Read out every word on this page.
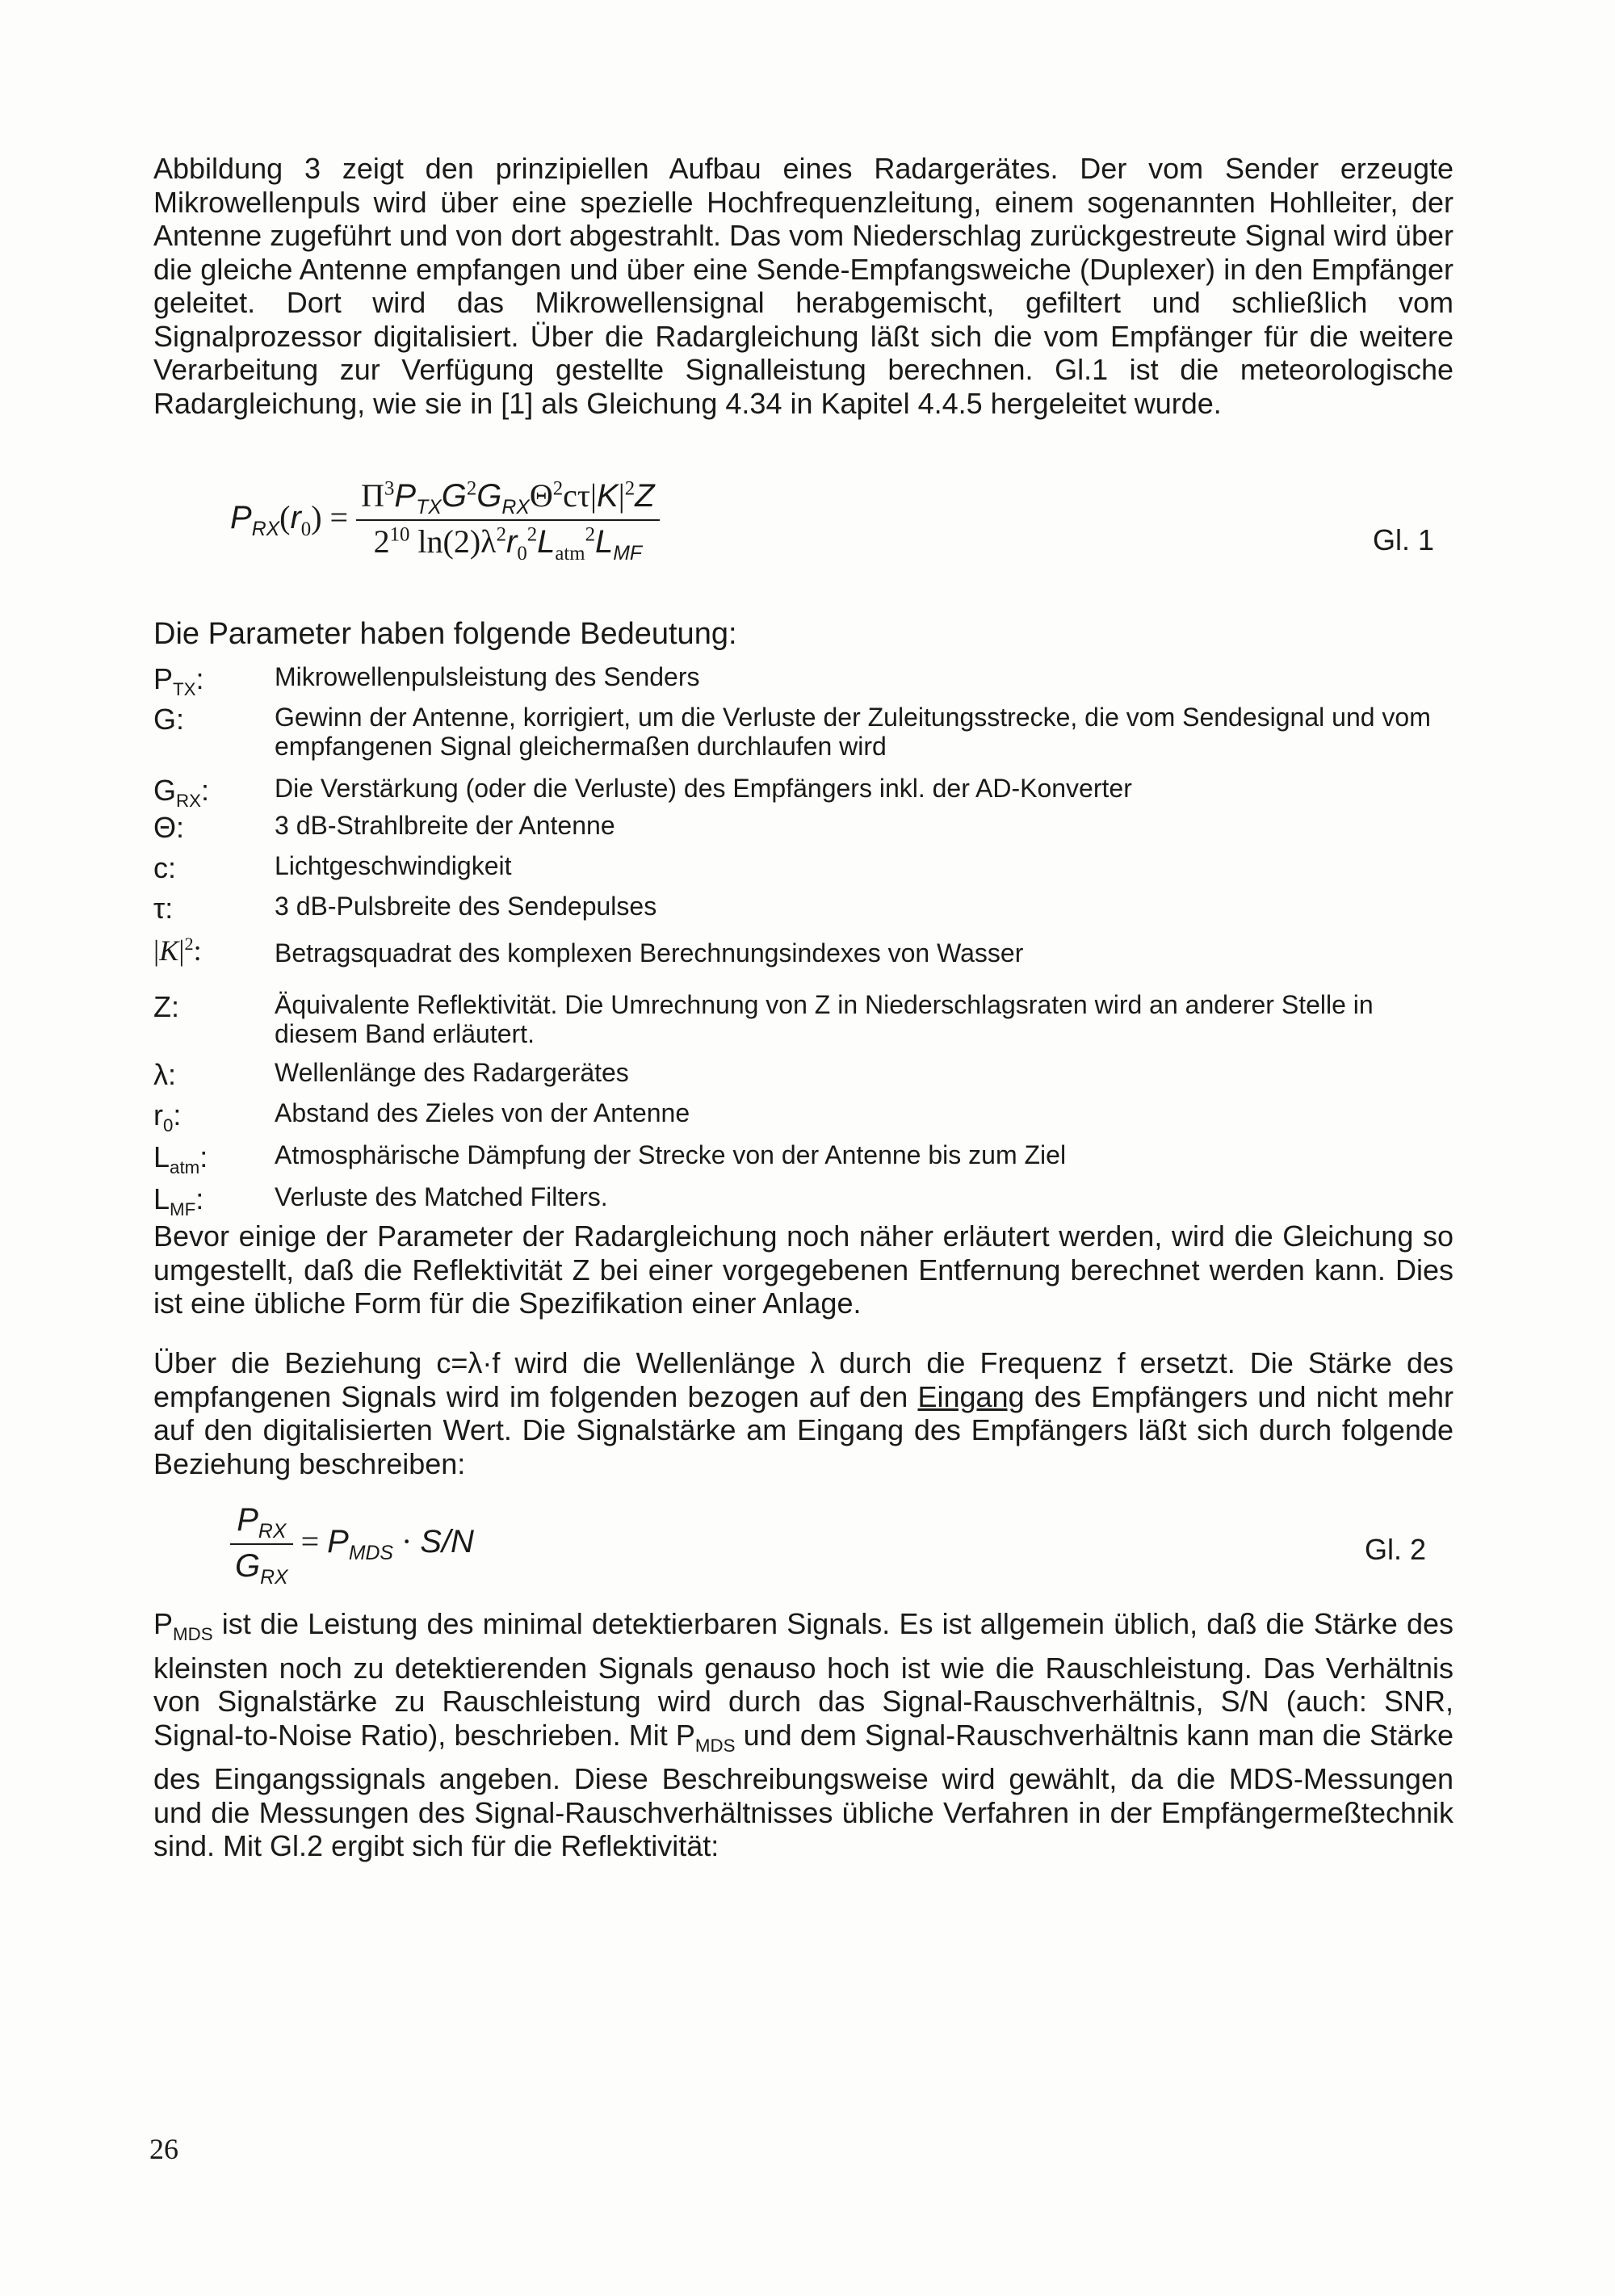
Abbildung 3 zeigt den prinzipiellen Aufbau eines Radargerätes. Der vom Sender erzeugte Mikrowellenpuls wird über eine spezielle Hochfrequenzleitung, einem sogenannten Hohlleiter, der Antenne zugeführt und von dort abgestrahlt. Das vom Niederschlag zurückgestreute Signal wird über die gleiche Antenne empfangen und über eine Sende-Empfangsweiche (Duplexer) in den Empfänger geleitet. Dort wird das Mikrowellensignal herabgemischt, gefiltert und schließlich vom Signalprozessor digitalisiert. Über die Radargleichung läßt sich die vom Empfänger für die weitere Verarbeitung zur Verfügung gestellte Signalleistung berechnen. Gl.1 ist die meteorologische Radargleichung, wie sie in [1] als Gleichung 4.34 in Kapitel 4.4.5 hergeleitet wurde.

$P_{RX}(r_0) = \frac{\Pi^3P_{TX}G^2G_{RX}\Theta^2c\tau|K|^2Z}{2^{10} \ln(2)\lambda^2r_0^2L_{atm}^2L_{MF}}$	Gl. 1
Die Parameter haben folgende Bedeutung:
$P_{TX}$:	Mikrowellenpulsleistung des Senders
G:	Gewinn der Antenne, korrigiert, um die Verluste der Zuleitungsstrecke, die vom Sendesignal und vom empfangenen Signal gleichermaßen durchlaufen wird
$G_{RX}$:	Die Verstärkung (oder die Verluste) des Empfängers inkl. der AD-Konverter
Θ:	3 dB-Strahlbreite der Antenne
c:	Lichtgeschwindigkeit
τ:	3 dB-Pulsbreite des Sendepulses
$|K|^2$:	Betragsquadrat des komplexen Berechnungsindexes von Wasser
Z:	Äquivalente Reflektivität. Die Umrechnung von Z in Niederschlagsraten wird an anderer Stelle in diesem Band erläutert.
λ:	Wellenlänge des Radargerätes
$r_0$:	Abstand des Zieles von der Antenne
$L_{atm}$:	Atmosphärische Dämpfung der Strecke von der Antenne bis zum Ziel
$L_{MF}$:	Verluste des Matched Filters.

Bevor einige der Parameter der Radargleichung noch näher erläutert werden, wird die Gleichung so umgestellt, daß die Reflektivität Z bei einer vorgegebenen Entfernung berechnet werden kann. Dies ist eine übliche Form für die Spezifikation einer Anlage.

Über die Beziehung c=λ·f wird die Wellenlänge λ durch die Frequenz f ersetzt. Die Stärke des empfangenen Signals wird im folgenden bezogen auf den Eingang des Empfängers und nicht mehr auf den digitalisierten Wert. Die Signalstärke am Eingang des Empfängers läßt sich durch folgende Beziehung beschreiben:

$\frac{P_{RX}}{G_{RX}} = P_{MDS} \cdot S/N$	Gl. 2

$P_{MDS}$ ist die Leistung des minimal detektierbaren Signals. Es ist allgemein üblich, daß die Stärke des kleinsten noch zu detektierenden Signals genauso hoch ist wie die Rauschleistung. Das Verhältnis von Signalstärke zu Rauschleistung wird durch das Signal-Rauschverhältnis, S/N (auch: SNR, Signal-to-Noise Ratio), beschrieben. Mit $P_{MDS}$ und dem Signal-Rauschverhältnis kann man die Stärke des Eingangssignals angeben. Diese Beschreibungsweise wird gewählt, da die MDS-Messungen und die Messungen des Signal-Rauschverhältnisses übliche Verfahren in der Empfängermeßtechnik sind. Mit Gl.2 ergibt sich für die Reflektivität:

26
